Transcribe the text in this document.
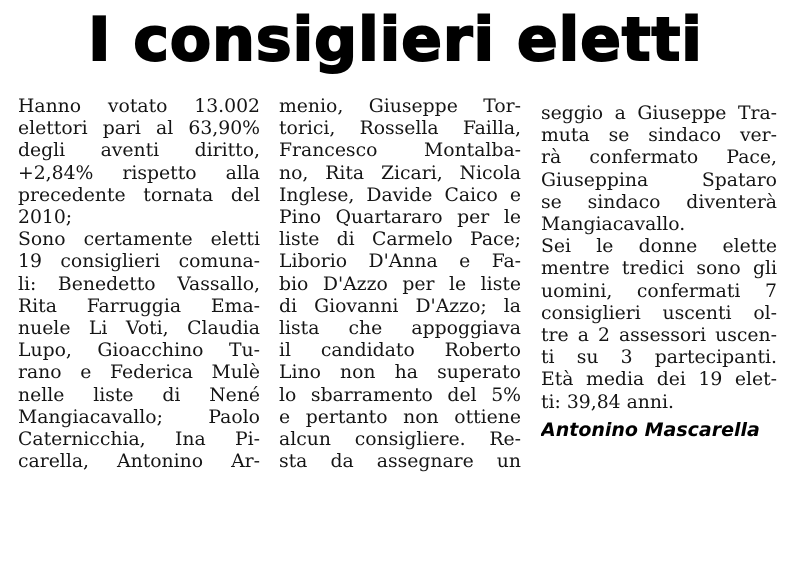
I consiglieri eletti
Hanno votato 13.002
elettori pari al 63,90%
degli aventi diritto,
+2,84% rispetto alla
precedente tornata del
2010;
Sono certamente eletti
19 consiglieri comuna-
li: Benedetto Vassallo,
Rita Farruggia Ema-
nuele Li Voti, Claudia
Lupo, Gioacchino Tu-
rano e Federica Mulè
nelle liste di Nené
Mangiacavallo; Paolo
Caternicchia, Ina Pi-
carella, Antonino Ar-
menio, Giuseppe Tor-
torici, Rossella Failla,
Francesco Montalba-
no, Rita Zicari, Nicola
Inglese, Davide Caico e
Pino Quartararo per le
liste di Carmelo Pace;
Liborio D'Anna e Fa-
bio D'Azzo per le liste
di Giovanni D'Azzo; la
lista che appoggiava
il candidato Roberto
Lino non ha superato
lo sbarramento del 5%
e pertanto non ottiene
alcun consigliere. Re-
sta da assegnare un
seggio a Giuseppe Tra-
muta se sindaco ver-
rà confermato Pace,
Giuseppina Spataro
se sindaco diventerà
Mangiacavallo.
Sei le donne elette
mentre tredici sono gli
uomini, confermati 7
consiglieri uscenti ol-
tre a 2 assessori uscen-
ti su 3 partecipanti.
Età media dei 19 elet-
ti: 39,84 anni.
Antonino Mascarella
